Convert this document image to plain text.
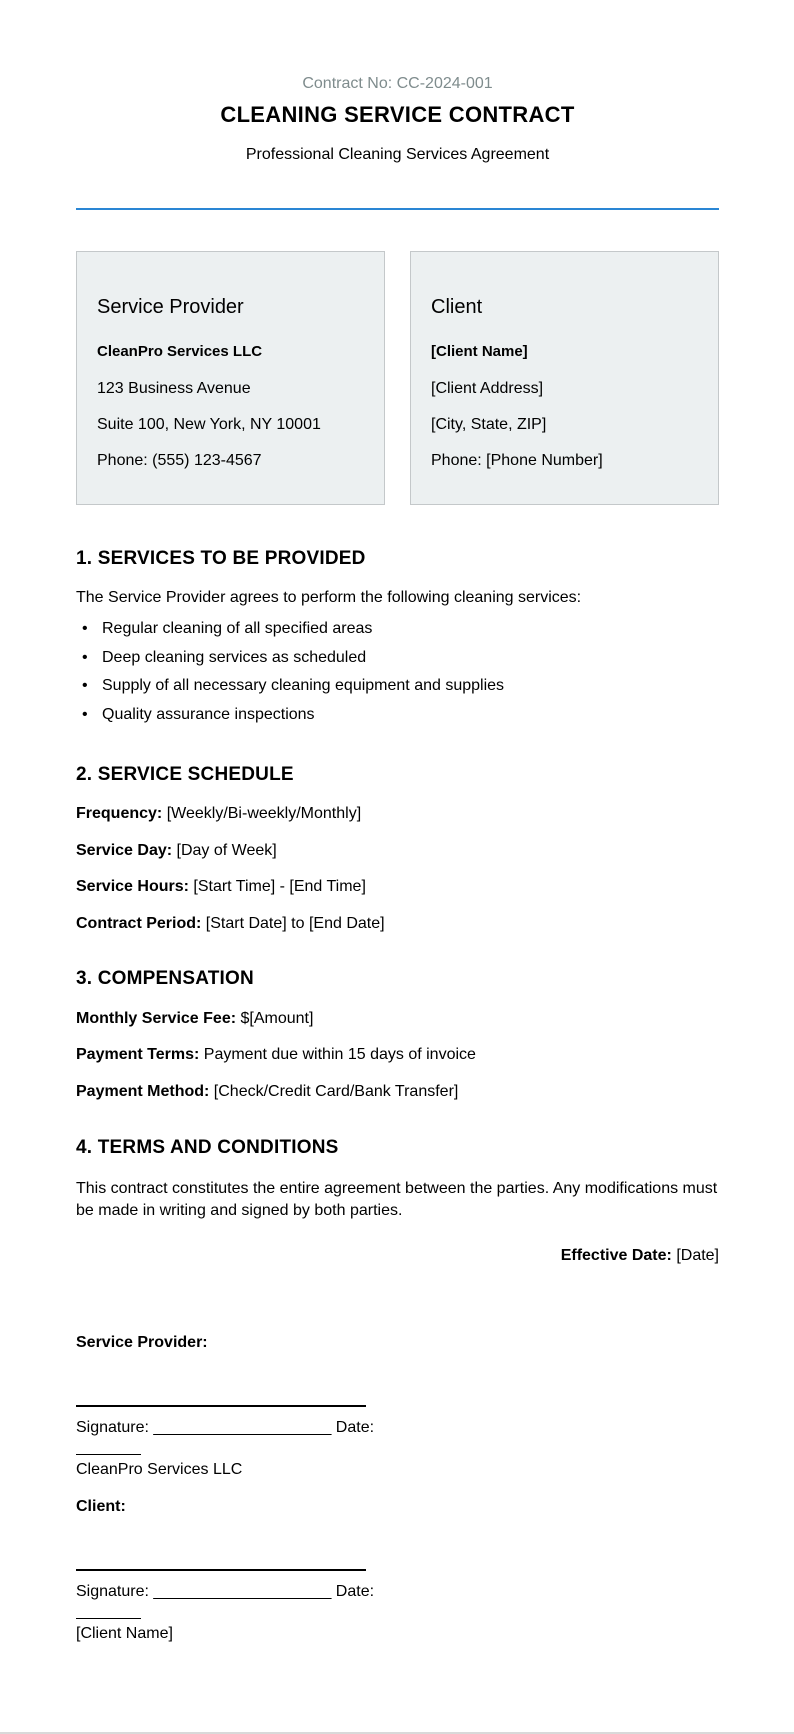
Contract No: CC-2024-001
CLEANING SERVICE CONTRACT
Professional Cleaning Services Agreement
Service Provider
CleanPro Services LLC
123 Business Avenue
Suite 100, New York, NY 10001
Phone: (555) 123-4567
Client
[Client Name]
[Client Address]
[City, State, ZIP]
Phone: [Phone Number]
1. SERVICES TO BE PROVIDED
The Service Provider agrees to perform the following cleaning services:
• Regular cleaning of all specified areas
• Deep cleaning services as scheduled
• Supply of all necessary cleaning equipment and supplies
• Quality assurance inspections
2. SERVICE SCHEDULE
Frequency: [Weekly/Bi-weekly/Monthly]
Service Day: [Day of Week]
Service Hours: [Start Time] - [End Time]
Contract Period: [Start Date] to [End Date]
3. COMPENSATION
Monthly Service Fee: $[Amount]
Payment Terms: Payment due within 15 days of invoice
Payment Method: [Check/Credit Card/Bank Transfer]
4. TERMS AND CONDITIONS
This contract constitutes the entire agreement between the parties. Any modifications must be made in writing and signed by both parties.
Effective Date: [Date]
Service Provider:
Signature: ____________________ Date:
CleanPro Services LLC
Client:
Signature: ____________________ Date:
[Client Name]
